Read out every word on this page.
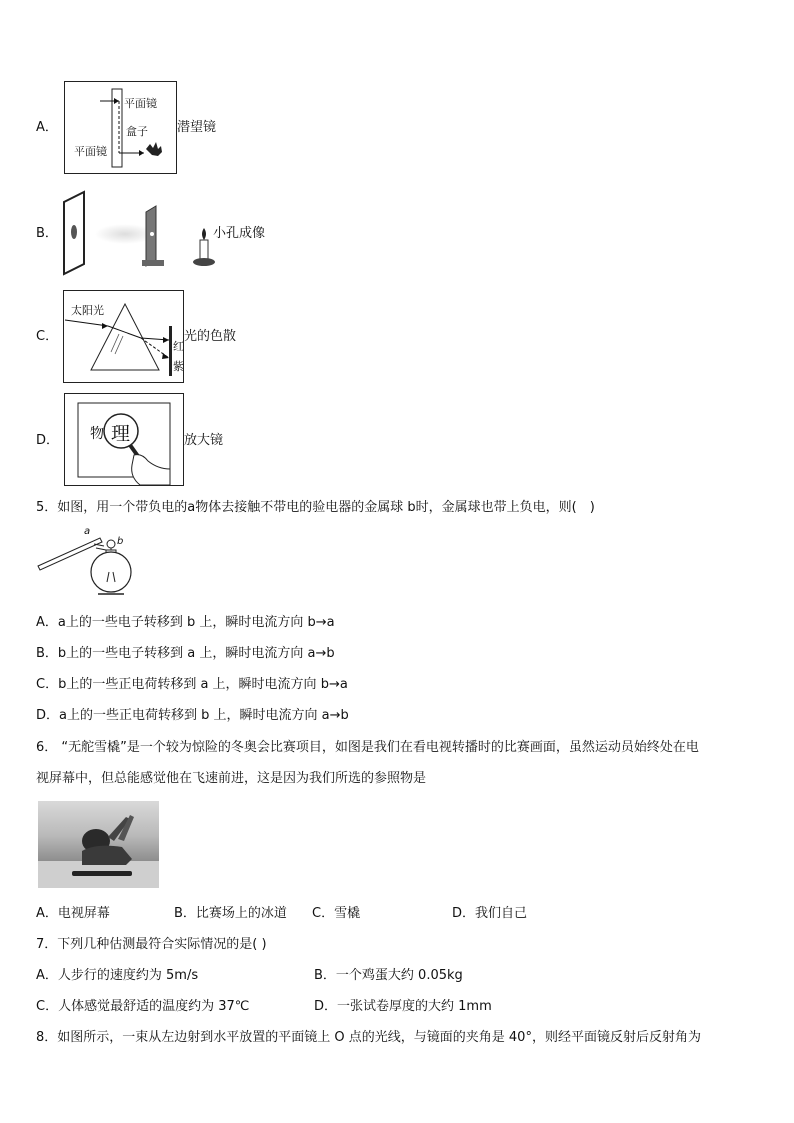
A．
平面镜
盒子
平面镜
潜望镜
B．	小孔成像
C．
太阳光
红
紫
光的色散
D． 物 理	放大镜
5．如图，用一个带负电的a物体去接触不带电的验电器的金属球 b时，金属球也带上负电，则(　)
a
b
A．a上的一些电子转移到 b 上，瞬时电流方向 b→a
B．b上的一些电子转移到 a 上，瞬时电流方向 a→b
C．b上的一些正电荷转移到 a 上，瞬时电流方向 b→a
D．a上的一些正电荷转移到 b 上，瞬时电流方向 a→b
6． “无舵雪橇”是一个较为惊险的冬奥会比赛项目，如图是我们在看电视转播时的比赛画面，虽然运动员始终处在电
视屏幕中，但总能感觉他在飞速前进，这是因为我们所选的参照物是
A．电视屏幕	B．比赛场上的冰道 C．雪橇	D．我们自己
7．下列几种估测最符合实际情况的是( )
A．人步行的速度约为 5m/s	B．一个鸡蛋大约 0.05kg
C．人体感觉最舒适的温度约为 37℃	D．一张试卷厚度的大约 1mm
8．如图所示，一束从左边射到水平放置的平面镜上 O 点的光线，与镜面的夹角是 40°，则经平面镜反射后反射角为
